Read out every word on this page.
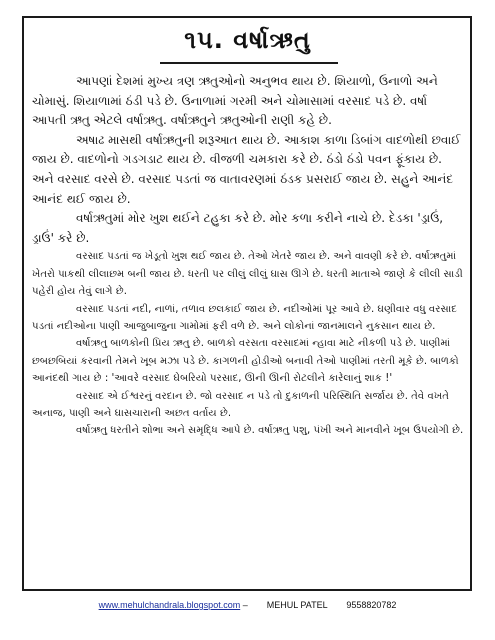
૧૫. વર્ષાઋતુ

આપણાં દેશમાં મુખ્ય ત્રણ ઋતુઓનો અનુભવ થાય છે. શિયાળો, ઉનાળો અને ચોમાસું. શિયાળામાં ઠંડી પડે છે. ઉનાળામાં ગરમી અને ચોમાસામાં વરસાદ પડે છે. વર્ષા આપતી ઋતુ એટલે વર્ષાઋતુ. વર્ષાઋતુને ઋતુઓની રાણી કહે છે.

અષાઢ માસથી વર્ષાઋતુની શરૂઆત થાય છે. આકાશ કાળા ડિબાંગ વાદળોથી છવાઈ જાય છે. વાદળોનો ગડગડાટ થાય છે. વીજળી ચમકારા કરે છે. ઠંડો ઠંડો પવન ફૂંકાય છે. અને વરસાદ વરસે છે. વરસાદ પડતાં જ વાતાવરણમાં ઠંડક પ્રસરાઈ જાય છે. સહુને આનંદ આનંદ થઈ જાય છે.

વર્ષાઋતુમાં મોર ખુશ થઈને ટહુકા કરે છે. મોર કળા કરીને નાચે છે. દેડકા 'ડ્રાઉં, ડ્રાઉં' કરે છે.

વરસાદ પડતાં જ ખેડૂતો ખુશ થઈ જાય છે. તેઓ ખેતરે જાય છે. અને વાવણી કરે છે. વર્ષાઋતુમાં ખેતરો પાકથી લીલાછમ બની જાય છે. ધરતી પર લીલું લીલું ઘાસ ઊગે છે. ધરતી માતાએ જાણે કે લીલી સાડી પહેરી હોય તેવું લાગે છે.

વરસાદ પડતાં નદી, નાળાં, તળાવ છલકાઈ જાય છે. નદીઓમાં પૂર આવે છે. ઘણીવાર વધુ વરસાદ પડતાં નદીઓના પાણી આજુબાજુના ગામોમાં ફરી વળે છે. અને લોકોનાં જાનમાલને નુકસાન થાય છે.

વર્ષાઋતુ બાળકોની પ્રિય ઋતુ છે. બાળકો વરસતા વરસાદમાં ન્હાવા માટે નીકળી પડે છે. પાણીમાં છબછબિયાં કરવાની તેમને ખૂબ મઝા પડે છે. કાગળની હોડીઓ બનાવી તેઓ પાણીમાં તરતી મૂકે છે. બાળકો આનંદથી ગાય છે : 'આવરે વરસાદ ઘેબરિયો પરસાદ, ઊની ઊની રોટલીને કારેલાનું શાક !'

વરસાદ એ ઈશ્વરનું વરદાન છે. જો વરસાદ ન પડે તો દુકાળની પરિસ્થિતિ સર્જાય છે. તેવે વખતે અનાજ, પાણી અને ઘાસચારાની અછત વર્તાય છે.

વર્ષાઋતુ ધરતીને શોભા અને સમૃદ્ધિ આપે છે. વર્ષાઋતુ પશુ, પંખી અને માનવીને ખૂબ ઉપયોગી છે.

www.mehulchandrala.blogspot.com – MEHUL PATEL 9558820782
